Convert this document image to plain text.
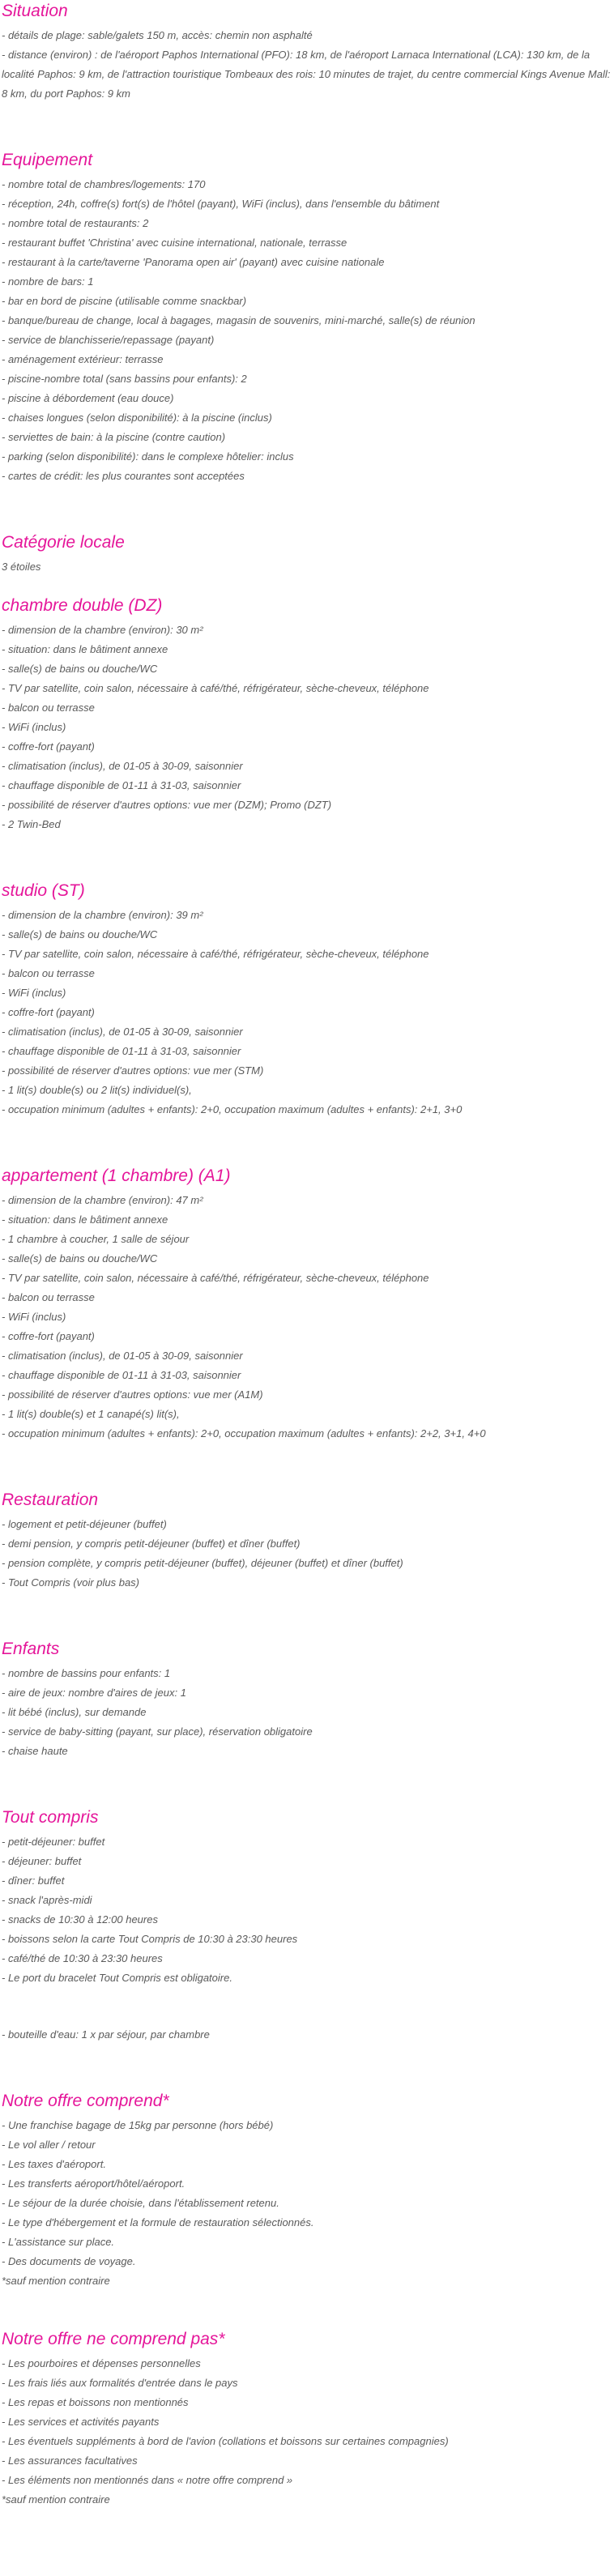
Situation

- détails de plage: sable/galets 150 m, accès: chemin non asphalté

- distance (environ) : de l'aéroport Paphos International (PFO): 18 km, de l'aéroport Larnaca International (LCA): 130 km, de la localité Paphos: 9 km, de l'attraction touristique Tombeaux des rois: 10 minutes de trajet, du centre commercial Kings Avenue Mall: 8 km, du port Paphos: 9 km

Equipement

- nombre total de chambres/logements: 170

- réception, 24h, coffre(s) fort(s) de l'hôtel (payant), WiFi (inclus), dans l'ensemble du bâtiment

- nombre total de restaurants: 2

- restaurant buffet 'Christina' avec cuisine international, nationale, terrasse

- restaurant à la carte/taverne 'Panorama open air' (payant) avec cuisine nationale

- nombre de bars: 1

- bar en bord de piscine (utilisable comme snackbar)

- banque/bureau de change, local à bagages, magasin de souvenirs, mini-marché, salle(s) de réunion

- service de blanchisserie/repassage (payant)

- aménagement extérieur: terrasse

- piscine-nombre total (sans bassins pour enfants): 2

- piscine à débordement (eau douce)

- chaises longues (selon disponibilité): à la piscine (inclus)

- serviettes de bain: à la piscine (contre caution)

- parking (selon disponibilité): dans le complexe hôtelier: inclus

- cartes de crédit: les plus courantes sont acceptées

Catégorie locale

3 étoiles

chambre double (DZ)

- dimension de la chambre (environ): 30 m²

- situation: dans le bâtiment annexe

- salle(s) de bains ou douche/WC

- TV par satellite, coin salon, nécessaire à café/thé, réfrigérateur, sèche-cheveux, téléphone

- balcon ou terrasse

- WiFi (inclus)

- coffre-fort (payant)

- climatisation (inclus), de 01-05 à 30-09, saisonnier

- chauffage disponible de 01-11 à 31-03, saisonnier

- possibilité de réserver d'autres options: vue mer (DZM); Promo (DZT)

- 2 Twin-Bed

studio (ST)

- dimension de la chambre (environ): 39 m²

- salle(s) de bains ou douche/WC

- TV par satellite, coin salon, nécessaire à café/thé, réfrigérateur, sèche-cheveux, téléphone

- balcon ou terrasse

- WiFi (inclus)

- coffre-fort (payant)

- climatisation (inclus), de 01-05 à 30-09, saisonnier

- chauffage disponible de 01-11 à 31-03, saisonnier

- possibilité de réserver d'autres options: vue mer (STM)

- 1 lit(s) double(s) ou 2 lit(s) individuel(s),

- occupation minimum (adultes + enfants): 2+0, occupation maximum (adultes + enfants): 2+1, 3+0

appartement (1 chambre) (A1)

- dimension de la chambre (environ): 47 m²

- situation: dans le bâtiment annexe

- 1 chambre à coucher, 1 salle de séjour

- salle(s) de bains ou douche/WC

- TV par satellite, coin salon, nécessaire à café/thé, réfrigérateur, sèche-cheveux, téléphone

- balcon ou terrasse

- WiFi (inclus)

- coffre-fort (payant)

- climatisation (inclus), de 01-05 à 30-09, saisonnier

- chauffage disponible de 01-11 à 31-03, saisonnier

- possibilité de réserver d'autres options: vue mer (A1M)

- 1 lit(s) double(s) et 1 canapé(s) lit(s),

- occupation minimum (adultes + enfants): 2+0, occupation maximum (adultes + enfants): 2+2, 3+1, 4+0

Restauration

- logement et petit-déjeuner (buffet)

- demi pension, y compris petit-déjeuner (buffet) et dîner (buffet)

- pension complète, y compris petit-déjeuner (buffet), déjeuner (buffet) et dîner (buffet)

- Tout Compris (voir plus bas)

Enfants

- nombre de bassins pour enfants: 1

- aire de jeux: nombre d'aires de jeux: 1

- lit bébé (inclus), sur demande

- service de baby-sitting (payant, sur place), réservation obligatoire

- chaise haute

Tout compris

- petit-déjeuner: buffet

- déjeuner: buffet

- dîner: buffet

- snack l'après-midi

- snacks de 10:30 à 12:00 heures

- boissons selon la carte Tout Compris de 10:30 à 23:30 heures

- café/thé de 10:30 à 23:30 heures

- Le port du bracelet Tout Compris est obligatoire.

- bouteille d'eau: 1 x par séjour, par chambre

Notre offre comprend*

- Une franchise bagage de 15kg par personne (hors bébé)

- Le vol aller / retour

- Les taxes d'aéroport.

- Les transferts aéroport/hôtel/aéroport.

- Le séjour de la durée choisie, dans l'établissement retenu.

- Le type d'hébergement et la formule de restauration sélectionnés.

- L'assistance sur place.

- Des documents de voyage.

*sauf mention contraire

Notre offre ne comprend pas*

- Les pourboires et dépenses personnelles

- Les frais liés aux formalités d'entrée dans le pays

- Les repas et boissons non mentionnés

- Les services et activités payants

- Les éventuels suppléments à bord de l'avion (collations et boissons sur certaines compagnies)

- Les assurances facultatives

- Les éléments non mentionnés dans « notre offre comprend »

*sauf mention contraire
